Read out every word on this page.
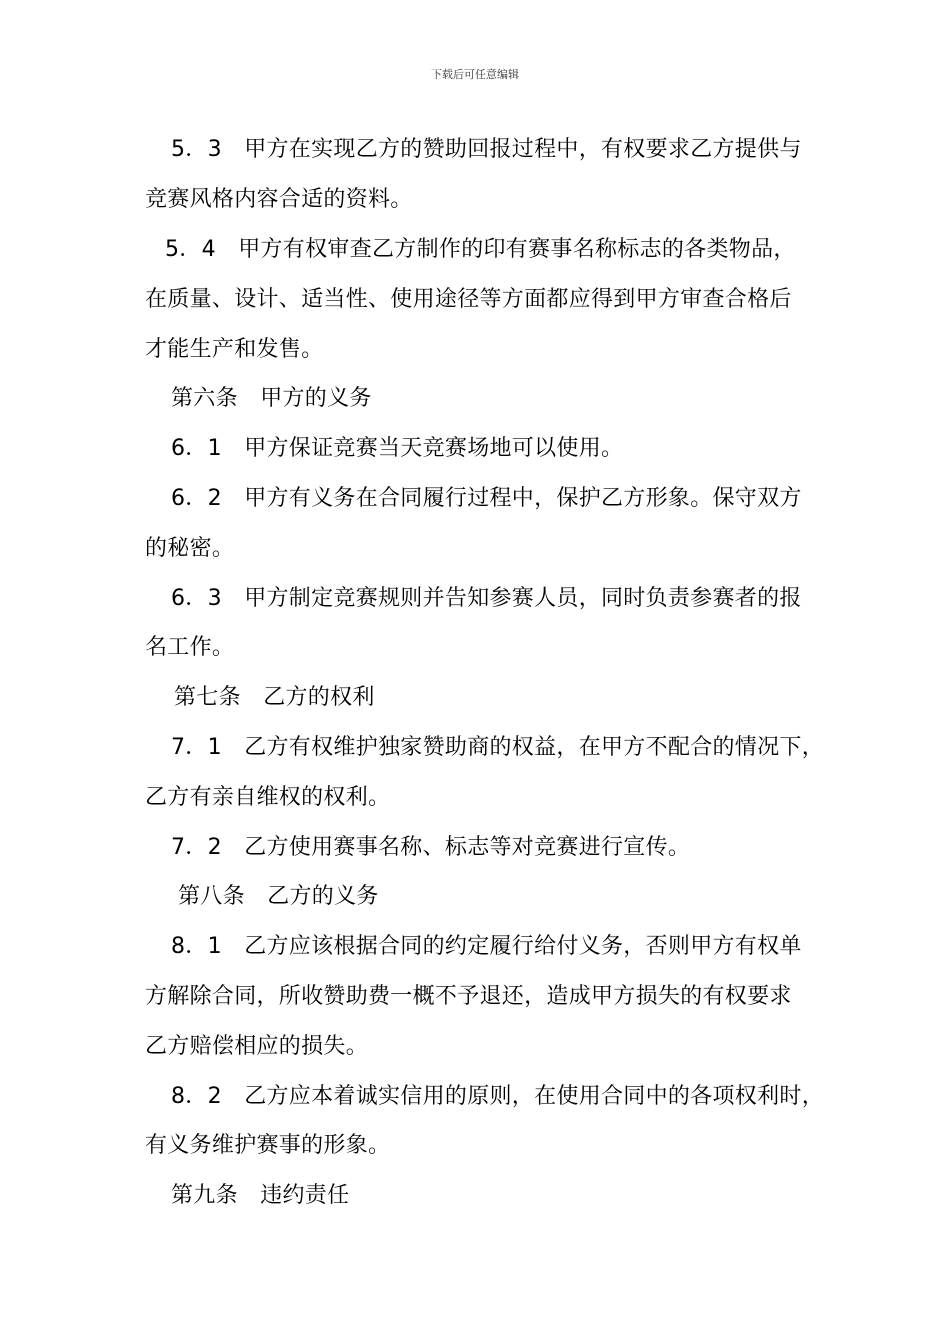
下载后可任意编辑
5．3　甲方在实现乙方的赞助回报过程中，有权要求乙方提供与
竞赛风格内容合适的资料。
5．4　甲方有权审查乙方制作的印有赛事名称标志的各类物品，
在质量、设计、适当性、使用途径等方面都应得到甲方审查合格后
才能生产和发售。
第六条　甲方的义务
6．1　甲方保证竞赛当天竞赛场地可以使用。
6．2　甲方有义务在合同履行过程中，保护乙方形象。保守双方
的秘密。
6．3　甲方制定竞赛规则并告知参赛人员，同时负责参赛者的报
名工作。
第七条　乙方的权利
7．1　乙方有权维护独家赞助商的权益，在甲方不配合的情况下，
乙方有亲自维权的权利。
7．2　乙方使用赛事名称、标志等对竞赛进行宣传。
第八条　乙方的义务
8．1　乙方应该根据合同的约定履行给付义务，否则甲方有权单
方解除合同，所收赞助费一概不予退还，造成甲方损失的有权要求
乙方赔偿相应的损失。
8．2　乙方应本着诚实信用的原则，在使用合同中的各项权利时，
有义务维护赛事的形象。
第九条　违约责任
